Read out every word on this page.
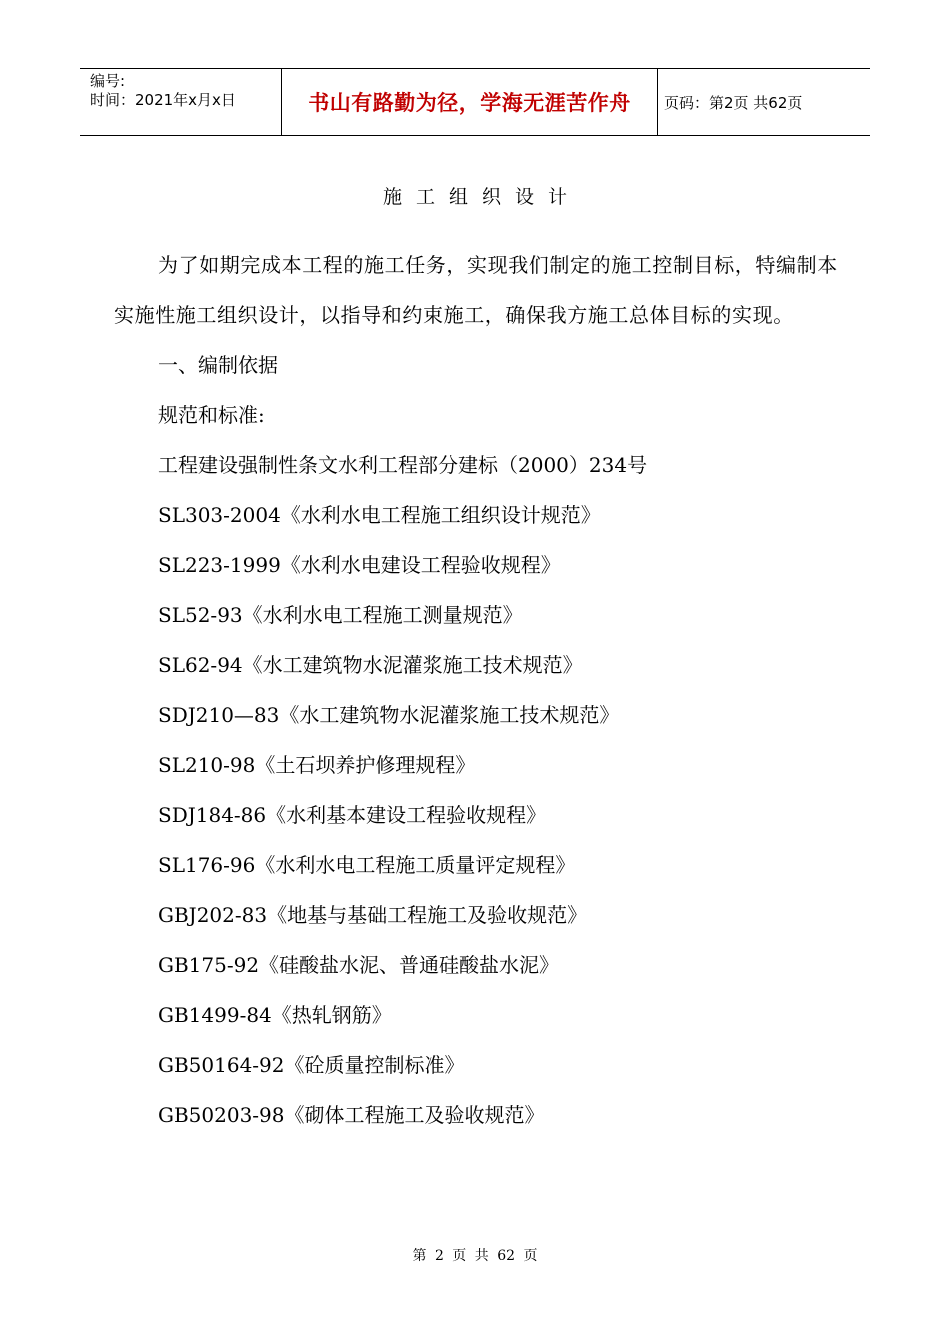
编号:
时间：2021年x月x日	书山有路勤为径，学海无涯苦作舟 页码：第2页 共62页
施工组织设计

为了如期完成本工程的施工任务，实现我们制定的施工控制目标，特编制本实施性施工组织设计，以指导和约束施工，确保我方施工总体目标的实现。

一、编制依据

规范和标准:

工程建设强制性条文水利工程部分建标（2000）234号

SL303-2004《水利水电工程施工组织设计规范》

SL223-1999《水利水电建设工程验收规程》

SL52-93《水利水电工程施工测量规范》

SL62-94《水工建筑物水泥灌浆施工技术规范》

SDJ210—83《水工建筑物水泥灌浆施工技术规范》

SL210-98《土石坝养护修理规程》

SDJ184-86《水利基本建设工程验收规程》

SL176-96《水利水电工程施工质量评定规程》

GBJ202-83《地基与基础工程施工及验收规范》

GB175-92《硅酸盐水泥、普通硅酸盐水泥》

GB1499-84《热轧钢筋》

GB50164-92《砼质量控制标准》

GB50203-98《砌体工程施工及验收规范》

第 2 页 共 62 页
